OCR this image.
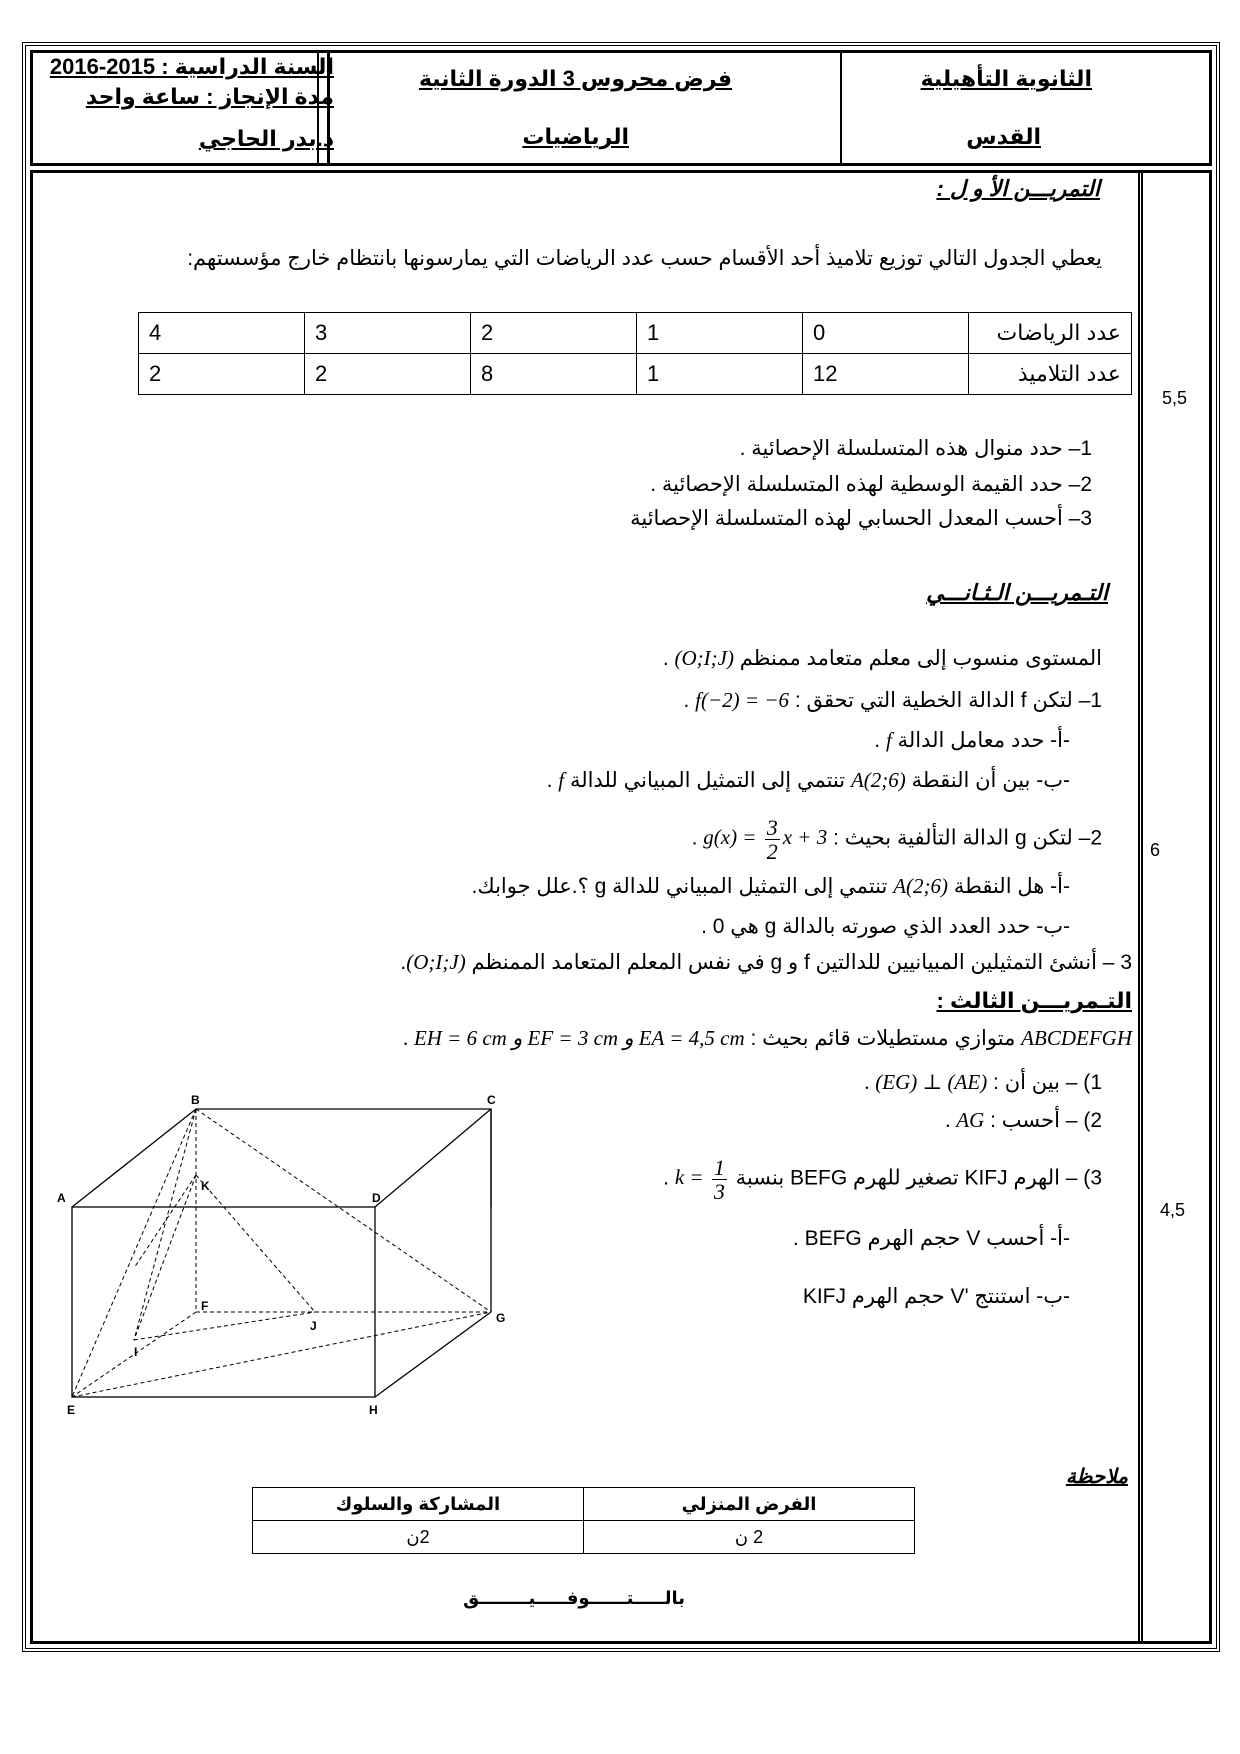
السنة الدراسية : 2015-2016
مدة الإنجاز : ساعة واحد
ذ.بدر الحاجي
فرض محروس 3 الدورة الثانية
الرياضيات
الثانوية التأهيلية
القدس
التمريـــن الأ و ل :
يعطي الجدول التالي توزيع تلاميذ أحد الأقسام حسب عدد الرياضات التي يمارسونها بانتظام خارج مؤسستهم:
عدد الرياضات	0	1	2	3	4
عدد التلاميذ	12	1	8	2	2
5,5
1– حدد منوال هذه المتسلسلة الإحصائية .
2– حدد القيمة الوسطية لهذه المتسلسلة الإحصائية .
3– أحسب المعدل الحسابي لهذه المتسلسلة الإحصائية
التـمريـــن الـثـانـــي
المستوى منسوب إلى معلم متعامد ممنظم (O;I;J) .
1– لتكن f الدالة الخطية التي تحقق : f(−2) = −6 .
-أ- حدد معامل الدالة f .
-ب- بين أن النقطة A(2;6) تنتمي إلى التمثيل المبياني للدالة f .
2– لتكن g الدالة التألفية بحيث : $g(x) = \frac{3}{2}$ x + 3 .
6
-أ- هل النقطة A(2;6) تنتمي إلى التمثيل المبياني للدالة g ؟.علل جوابك.
-ب- حدد العدد الذي صورته بالدالة g هي 0 .
3 – أنشئ التمثيلين المبيانيين للدالتين f و g في نفس المعلم المتعامد الممنظم (O;I;J).
التـمريـــن الثالث :
ABCDEFGH متوازي مستطيلات قائم بحيث : EA = 4,5 cm و EF = 3 cm و EH = 6 cm .
1) – بين أن : (AE) ⊥ (EG) .
2) – أحسب : AG .
3) – الهرم KIFJ تصغير للهرم BEFG بنسبة $k = \frac{1}{3}$
.
4,5
-أ- أحسب V حجم الهرم BEFG .
-ب- استنتج 'V حجم الهرم KIFJ
A
B	C
D
E
F
G
H
I
J
K
ملاحظة
الفرض المنزلي	المشاركة والسلوك
2 ن	2ن
بالـــــتــــــوفـــــيــــــــق
